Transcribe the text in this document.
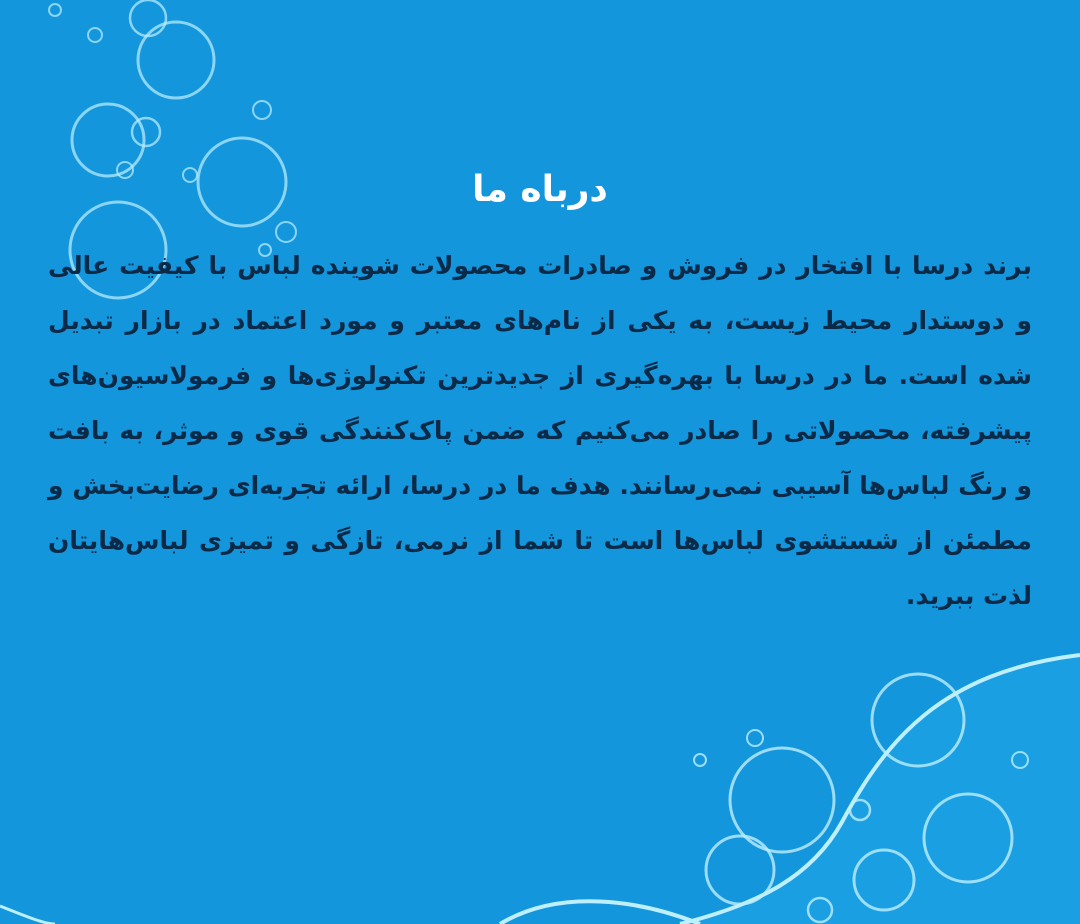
درباه ما

برند درسا با افتخار در فروش و صادرات محصولات شوینده لباس با کیفیت عالی و دوستدار محیط زیست، به یکی از نام‌های معتبر و مورد اعتماد در بازار تبدیل شده است. ما در درسا با بهره‌گیری از جدیدترین تکنولوژی‌ها و فرمولاسیون‌های پیشرفته، محصولاتی را صادر می‌کنیم که ضمن پاک‌کنندگی قوی و موثر، به بافت و رنگ لباس‌ها آسیبی نمی‌رسانند. هدف ما در درسا، ارائه تجربه‌ای رضایت‌بخش و مطمئن از شستشوی لباس‌ها است تا شما از نرمی، تازگی و تمیزی لباس‌هایتان لذت ببرید.
